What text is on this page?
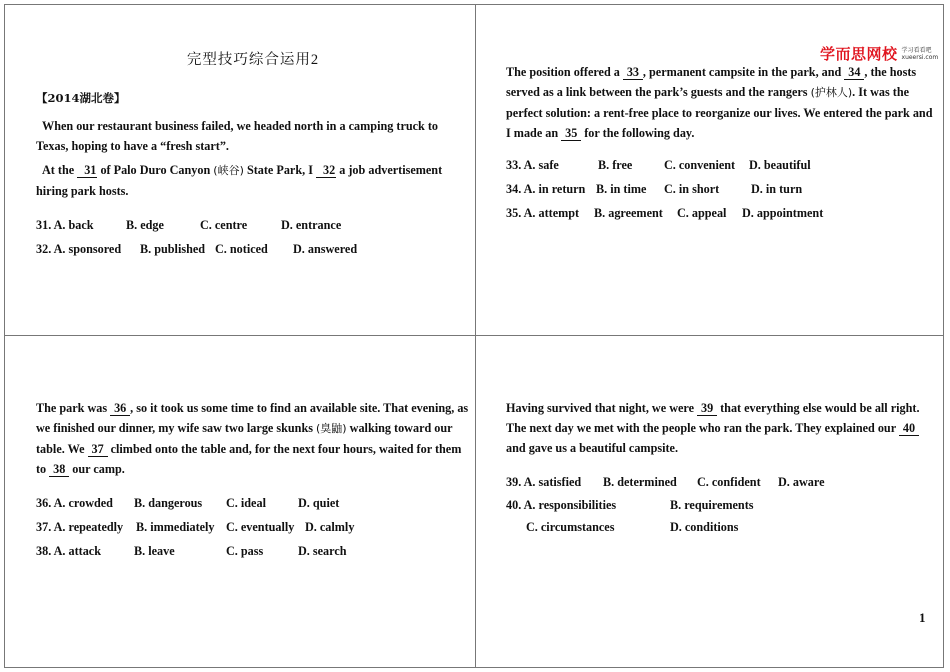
完型技巧综合运用2
【2014湖北卷】

When our restaurant business failed, we headed north in a camping truck to Texas, hoping to have a “fresh start”.

At the 31 of Palo Duro Canyon (峡谷) State Park, I 32 a job advertisement hiring park hosts.

31. A. back	B. edge	C. centre	D. entrance
32. A. sponsored	B. published C. noticed	D. answered
学而思网校 学习看看吧
xueersi.com

The position offered a 33 , permanent campsite in the park, and 34 , the hosts served as a link between the park’s guests and the rangers (护林人). It was the perfect solution: a rent-free place to reorganize our lives. We entered the park and I made an 35 for the following day.

33. A. safe	B. free	C. convenient	D. beautiful
34. A. in return B. in time	C. in short	D. in turn
35. A. attempt	B. agreement	C. appeal	D. appointment

The park was 36 , so it took us some time to find an available site. That evening, as we finished our dinner, my wife saw two large skunks (臭鼬) walking toward our table. We 37 climbed onto the table and, for the next four hours, waited for them to 38 our camp.

36. A. crowded	B. dangerous	C. ideal	D. quiet
37. A. repeatedly	B. immediately C. eventually D. calmly
38. A. attack	B. leave	C. pass	D. search

Having survived that night, we were 39 that everything else would be all right. The next day we met with the people who ran the park. They explained our 40 and gave us a beautiful campsite.

39. A. satisfied	B. determined	C. confident	D. aware
40. A. responsibilities	B. requirements
C. circumstances	D. conditions
1
